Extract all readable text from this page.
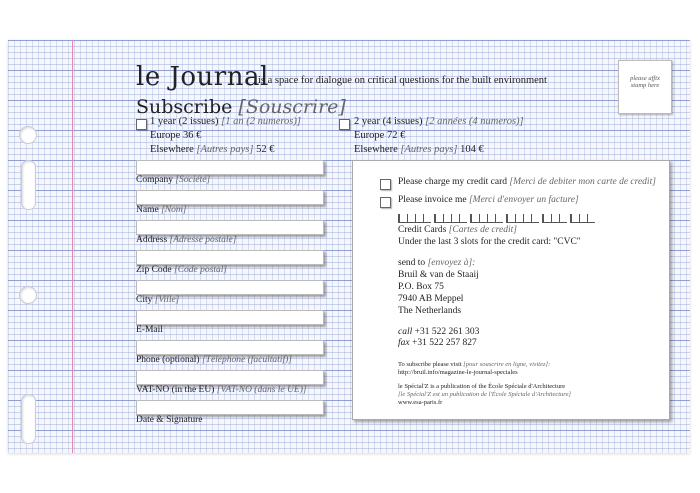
le Journal
is a space for dialogue on critical questions for the built environment
Subscribe [Souscrire]
please affix
stamp here
1 year (2 issues) [1 an (2 numeros)]
Europe 36 €
Elsewhere [Autres pays] 52 €
2 year (4 issues) [2 années (4 numeros)]
Europe 72 €
Elsewhere [Autres pays] 104 €
Company [Société]
Name [Nom]
Address [Adresse postale]
Zip Code [Code postal]
City [Ville]
E-Mail
Phone (optional) [Téléphone (facultatif)]
VAT-NO (in the EU) [VAT-NO (dans le UE)]
Date & Signature
Please charge my credit card [Merci de debiter mon carte de credit]
Please invoice me [Merci d'envoyer un facture]
Credit Cards [Cartes de credit]
Under the last 3 slots for the credit card: "CVC"
send to [envoyez à]:
Bruil & van de Staaij
P.O. Box 75
7940 AB Meppel
The Netherlands
call +31 522 261 303
fax +31 522 257 827
To subscribe please visit [pour souscrire en ligne, visitez]:
http://bruil.info/magazine-le-journal-speciales
le Spécial'Z is a publication of the École Spéciale d'Architecture
[le Spécial'Z est un publication de l'École Spéciale d'Architecture]
www.esa-paris.fr
